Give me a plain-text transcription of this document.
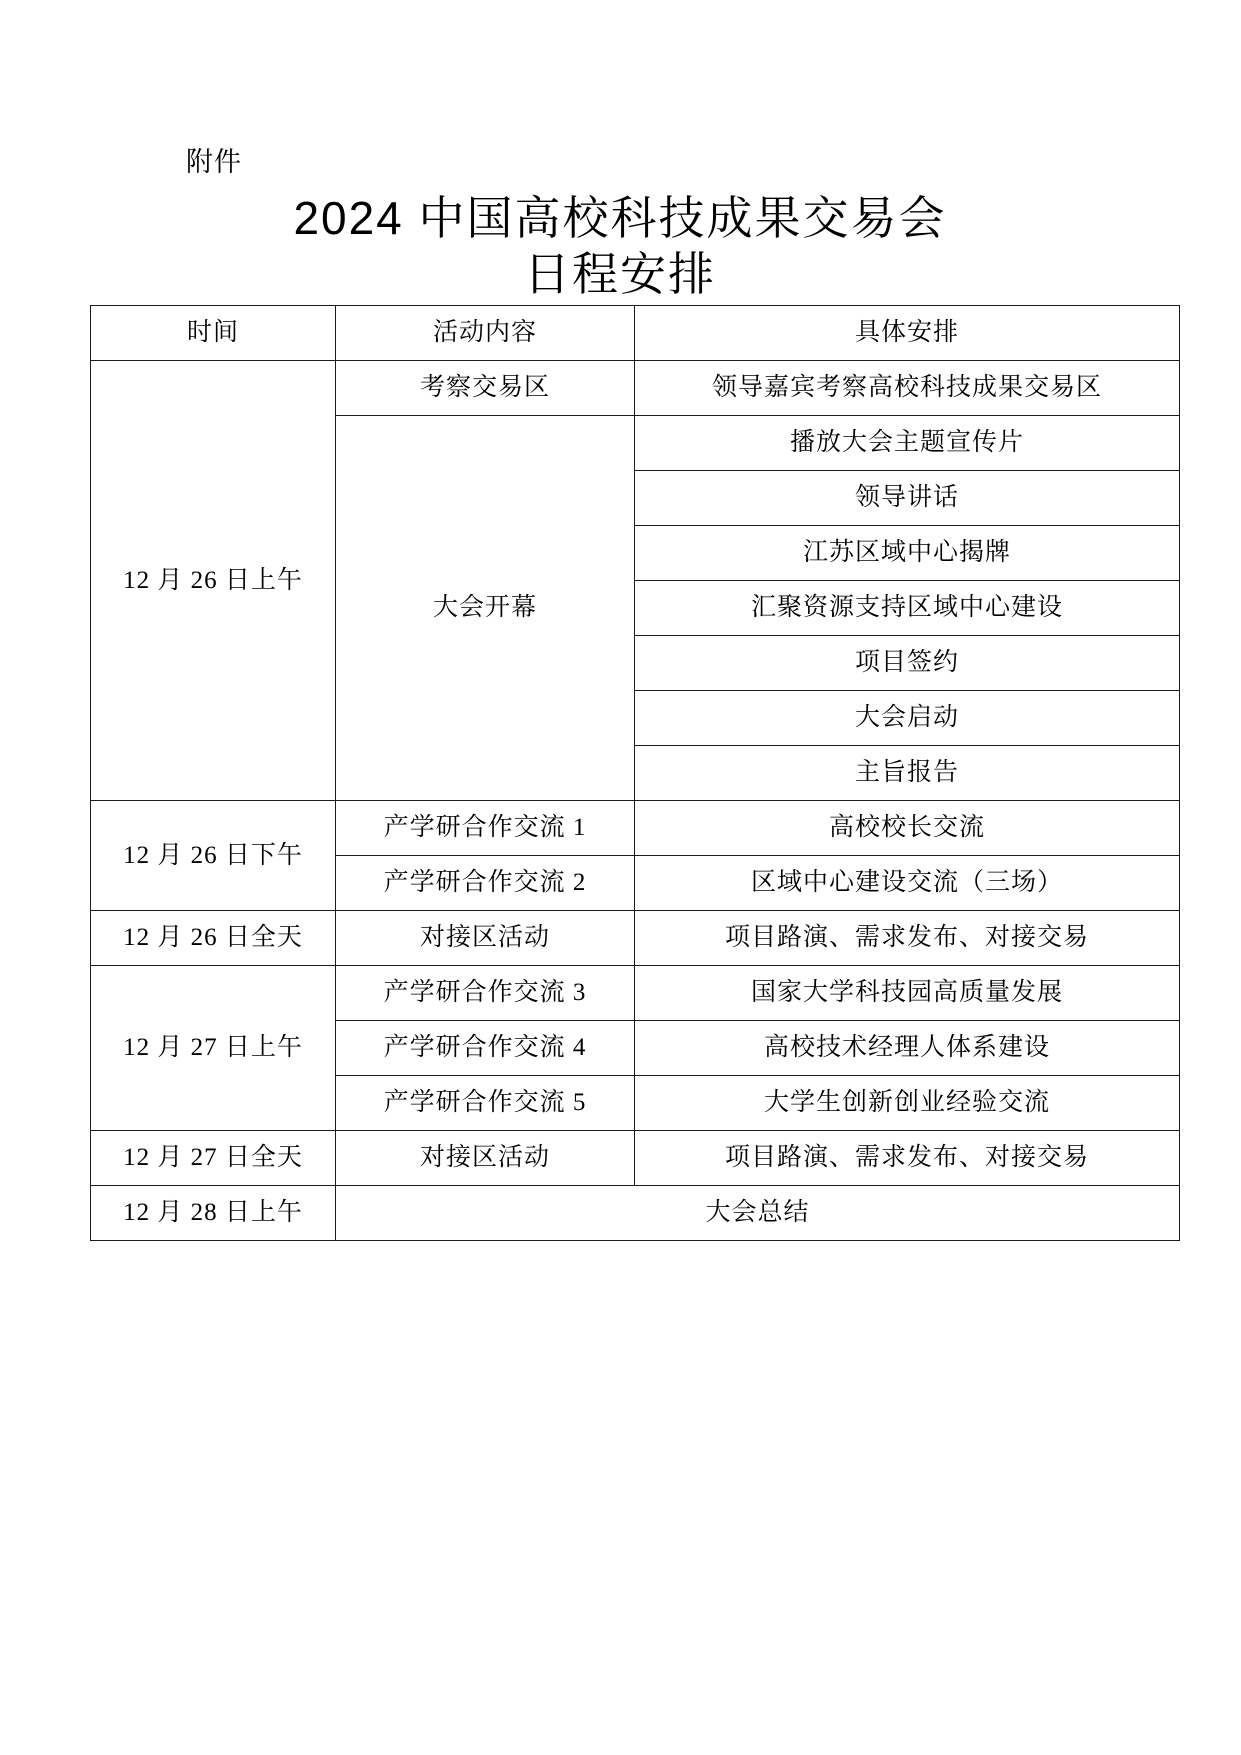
附件
2024 中国高校科技成果交易会
日程安排
时间	活动内容	具体安排
12 月 26 日上午	考察交易区	领导嘉宾考察高校科技成果交易区
	大会开幕	播放大会主题宣传片
		领导讲话
		江苏区域中心揭牌
		汇聚资源支持区域中心建设
		项目签约
		大会启动
		主旨报告
12 月 26 日下午	产学研合作交流 1	高校校长交流
	产学研合作交流 2	区域中心建设交流（三场）
12 月 26 日全天	对接区活动	项目路演、需求发布、对接交易
12 月 27 日上午	产学研合作交流 3	国家大学科技园高质量发展
	产学研合作交流 4	高校技术经理人体系建设
	产学研合作交流 5	大学生创新创业经验交流
12 月 27 日全天	对接区活动	项目路演、需求发布、对接交易
12 月 28 日上午	大会总结	
